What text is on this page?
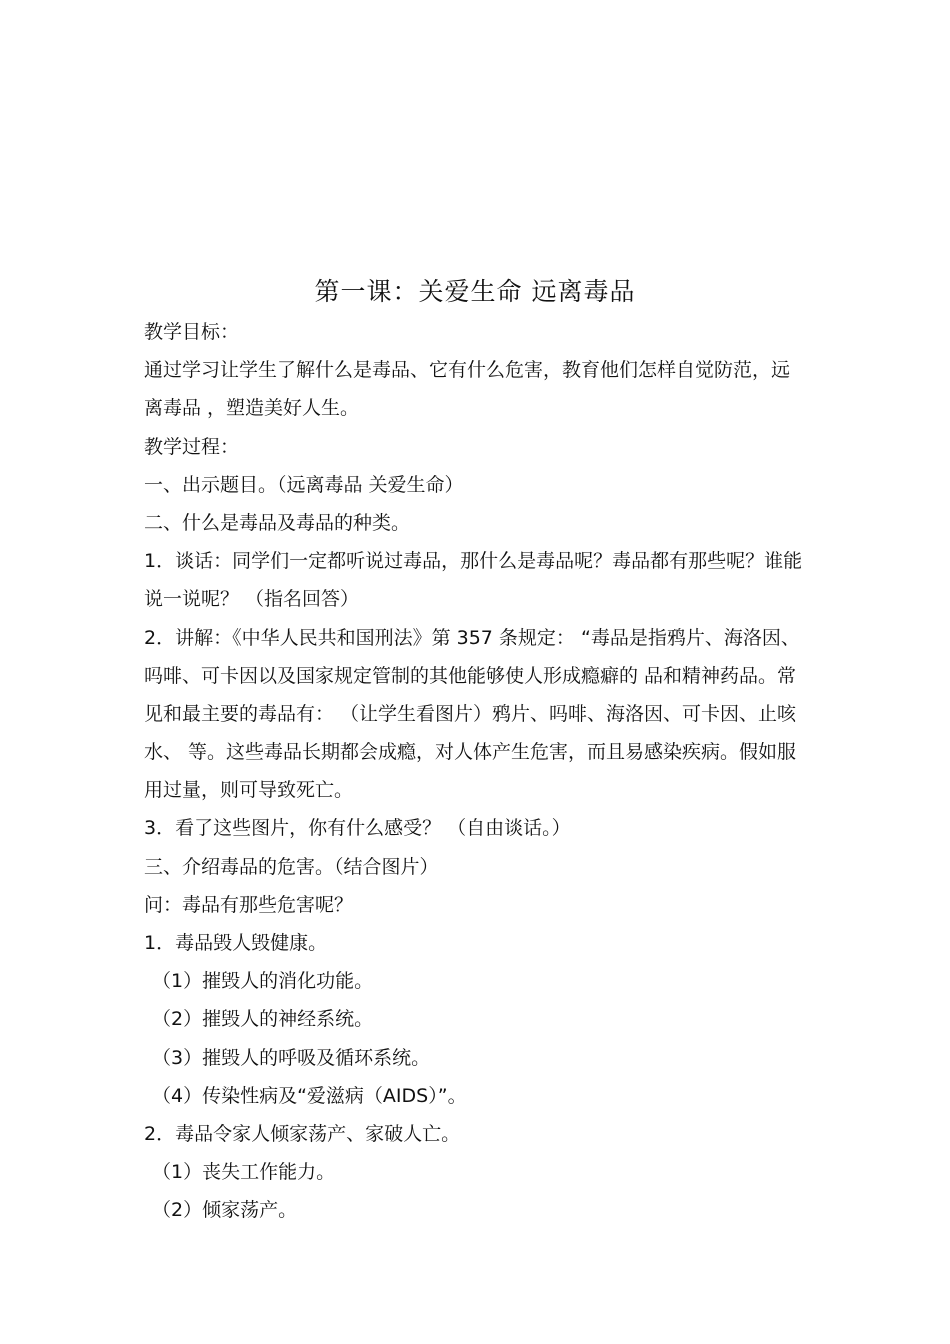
第一课：关爱生命 远离毒品
教学目标：
通过学习让学生了解什么是毒品、它有什么危害，教育他们怎样自觉防范，远
离毒品 ，塑造美好人生。
教学过程：
一、出示题目。（远离毒品 关爱生命）
二、什么是毒品及毒品的种类。
1．谈话：同学们一定都听说过毒品，那什么是毒品呢？毒品都有那些呢？谁能
说一说呢？ （指名回答）
2．讲解：《中华人民共和国刑法》第 357 条规定： “毒品是指鸦片、海洛因、
吗啡、可卡因以及国家规定管制的其他能够使人形成瘾癖的 品和精神药品。常
见和最主要的毒品有： （让学生看图片）鸦片、吗啡、海洛因、可卡因、止咳
水、 等。这些毒品长期都会成瘾，对人体产生危害，而且易感染疾病。假如服
用过量，则可导致死亡。
3．看了这些图片，你有什么感受？ （自由谈话。）
三、介绍毒品的危害。（结合图片）
问：毒品有那些危害呢？
1．毒品毁人毁健康。
（1）摧毁人的消化功能。
（2）摧毁人的神经系统。
（3）摧毁人的呼吸及循环系统。
（4）传染性病及“爱滋病（AIDS）”。
2．毒品令家人倾家荡产、家破人亡。
（1）丧失工作能力。
（2）倾家荡产。
